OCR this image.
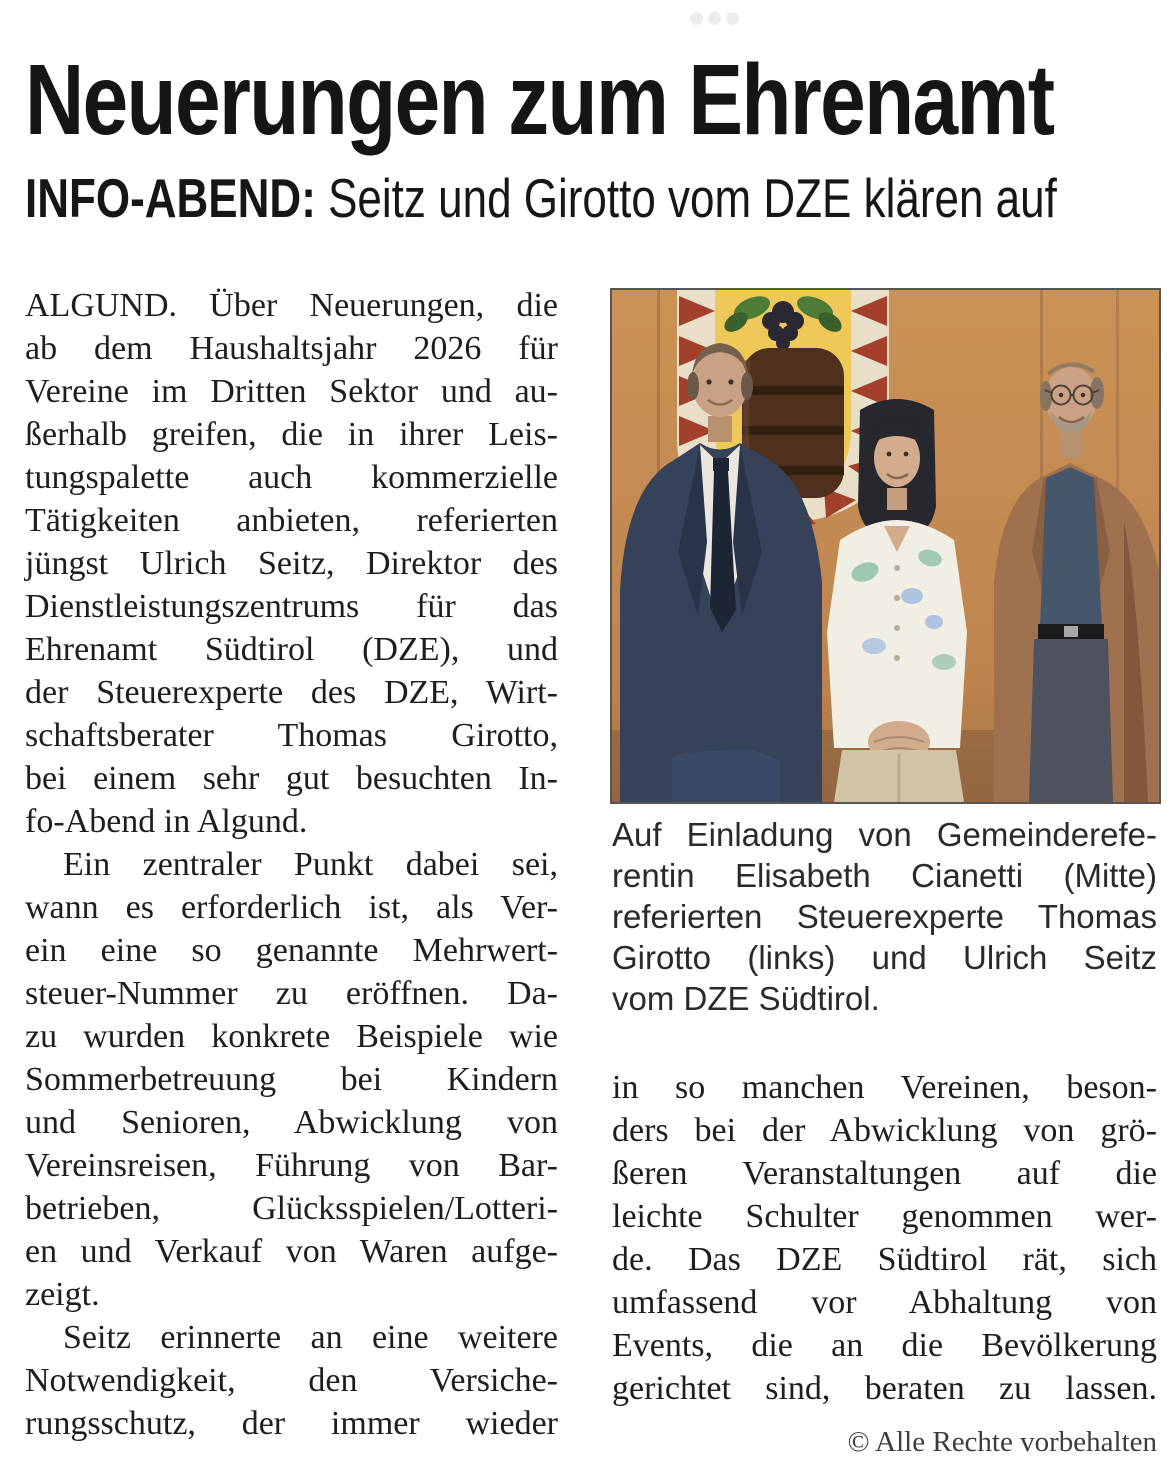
Neuerungen zum Ehrenamt
INFO-ABEND: Seitz und Girotto vom DZE klären auf
ALGUND. Über Neuerungen, die
ab dem Haushaltsjahr 2026 für
Vereine im Dritten Sektor und au-
ßerhalb greifen, die in ihrer Leis-
tungspalette auch kommerzielle
Tätigkeiten anbieten, referierten
jüngst Ulrich Seitz, Direktor des
Dienstleistungszentrums für das
Ehrenamt Südtirol (DZE), und
der Steuerexperte des DZE, Wirt-
schaftsberater Thomas Girotto,
bei einem sehr gut besuchten In-
fo-Abend in Algund.
Ein zentraler Punkt dabei sei,
wann es erforderlich ist, als Ver-
ein eine so genannte Mehrwert-
steuer-Nummer zu eröffnen. Da-
zu wurden konkrete Beispiele wie
Sommerbetreuung bei Kindern
und Senioren, Abwicklung von
Vereinsreisen, Führung von Bar-
betrieben, Glücksspielen/Lotteri-
en und Verkauf von Waren aufge-
zeigt.
Seitz erinnerte an eine weitere
Notwendigkeit, den Versiche-
rungsschutz, der immer wieder
Auf Einladung von Gemeinderefe-
rentin Elisabeth Cianetti (Mitte)
referierten Steuerexperte Thomas
Girotto (links) und Ulrich Seitz
vom DZE Südtirol.
in so manchen Vereinen, beson-
ders bei der Abwicklung von grö-
ßeren Veranstaltungen auf die
leichte Schulter genommen wer-
de. Das DZE Südtirol rät, sich
umfassend vor Abhaltung von
Events, die an die Bevölkerung
gerichtet sind, beraten zu lassen.
© Alle Rechte vorbehalten
